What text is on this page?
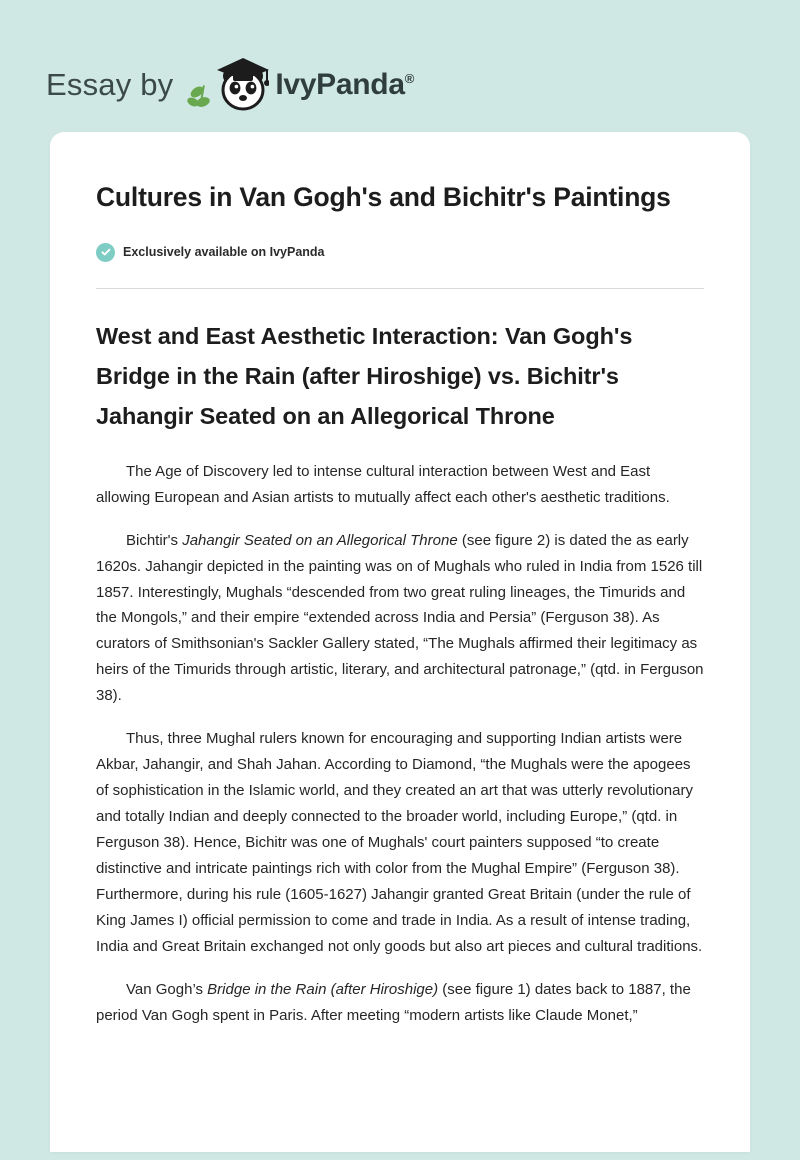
Essay by	IvyPanda®
Cultures in Van Gogh's and Bichitr's Paintings
Exclusively available on IvyPanda
West and East Aesthetic Interaction: Van Gogh's Bridge in the Rain (after Hiroshige) vs. Bichitr's Jahangir Seated on an Allegorical Throne

The Age of Discovery led to intense cultural interaction between West and East allowing European and Asian artists to mutually affect each other's aesthetic traditions.

Bichtir's Jahangir Seated on an Allegorical Throne (see figure 2) is dated the as early 1620s. Jahangir depicted in the painting was on of Mughals who ruled in India from 1526 till 1857. Interestingly, Mughals “descended from two great ruling lineages, the Timurids and the Mongols,” and their empire “extended across India and Persia” (Ferguson 38). As curators of Smithsonian's Sackler Gallery stated, “The Mughals affirmed their legitimacy as heirs of the Timurids through artistic, literary, and architectural patronage,” (qtd. in Ferguson 38).

Thus, three Mughal rulers known for encouraging and supporting Indian artists were Akbar, Jahangir, and Shah Jahan. According to Diamond, “the Mughals were the apogees of sophistication in the Islamic world, and they created an art that was utterly revolutionary and totally Indian and deeply connected to the broader world, including Europe,” (qtd. in Ferguson 38). Hence, Bichitr was one of Mughals' court painters supposed “to create distinctive and intricate paintings rich with color from the Mughal Empire” (Ferguson 38). Furthermore, during his rule (1605-1627) Jahangir granted Great Britain (under the rule of King James I) official permission to come and trade in India. As a result of intense trading, India and Great Britain exchanged not only goods but also art pieces and cultural traditions.

Van Gogh’s Bridge in the Rain (after Hiroshige) (see figure 1) dates back to 1887, the period Van Gogh spent in Paris. After meeting “modern artists like Claude Monet,”
